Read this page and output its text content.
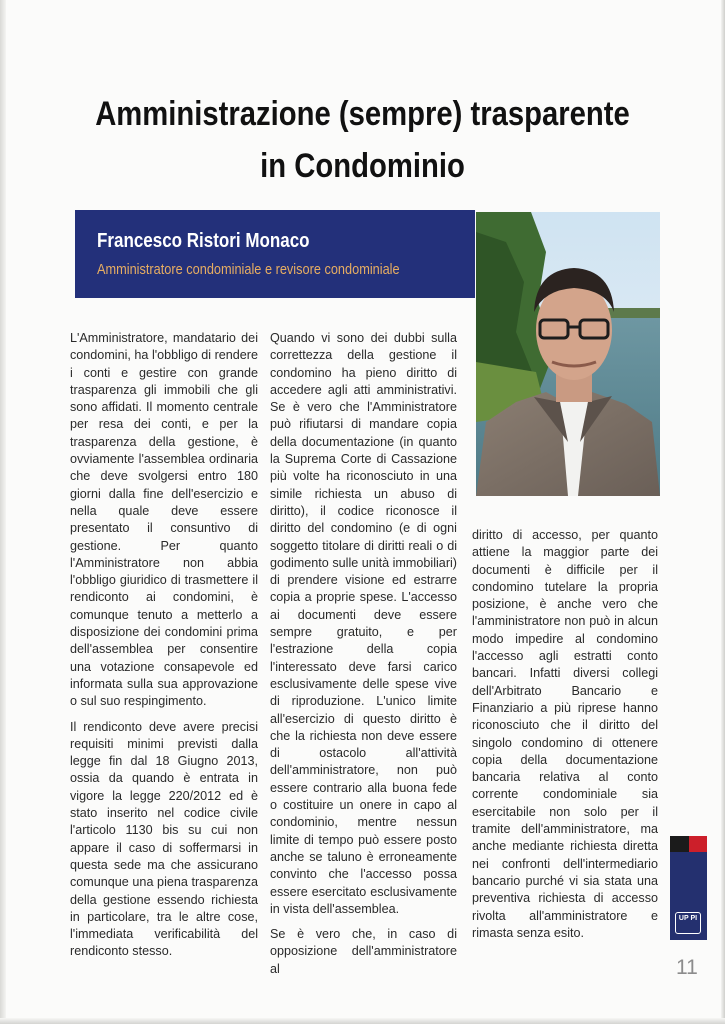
Amministrazione (sempre) trasparente
in Condominio
Francesco Ristori Monaco
Amministratore condominiale e revisore condominiale

L'Amministratore, mandatario dei condomini, ha l'obbligo di rendere i conti e gestire con grande trasparenza gli immobili che gli sono affidati. Il momento centrale per resa dei conti, e per la trasparenza della gestione, è ovviamente l'assemblea ordinaria che deve svolgersi entro 180 giorni dalla fine dell'esercizio e nella quale deve essere presentato il consuntivo di gestione. Per quanto l'Amministratore non abbia l'obbligo giuridico di trasmettere il rendiconto ai condomini, è comunque tenuto a metterlo a disposizione dei condomini prima dell'assemblea per consentire una votazione consapevole ed informata sulla sua approvazione o sul suo respingimento.

Il rendiconto deve avere precisi requisiti minimi previsti dalla legge fin dal 18 Giugno 2013, ossia da quando è entrata in vigore la legge 220/2012 ed è stato inserito nel codice civile l'articolo 1130 bis su cui non appare il caso di soffermarsi in questa sede ma che assicurano comunque una piena trasparenza della gestione essendo richiesta in particolare, tra le altre cose, l'immediata verificabilità del rendiconto stesso.

Quando vi sono dei dubbi sulla correttezza della gestione il condomino ha pieno diritto di accedere agli atti amministrativi. Se è vero che l'Amministratore può rifiutarsi di mandare copia della documentazione (in quanto la Suprema Corte di Cassazione più volte ha riconosciuto in una simile richiesta un abuso di diritto), il codice riconosce il diritto del condomino (e di ogni soggetto titolare di diritti reali o di godimento sulle unità immobiliari) di prendere visione ed estrarre copia a proprie spese. L'accesso ai documenti deve essere sempre gratuito, e per l'estrazione della copia l'interessato deve farsi carico esclusivamente delle spese vive di riproduzione. L'unico limite all'esercizio di questo diritto è che la richiesta non deve essere di ostacolo all'attività dell'amministratore, non può essere contrario alla buona fede o costituire un onere in capo al condominio, mentre nessun limite di tempo può essere posto anche se taluno è erroneamente convinto che l'accesso possa essere esercitato esclusivamente in vista dell'assemblea.

Se è vero che, in caso di opposizione dell'amministratore al

diritto di accesso, per quanto attiene la maggior parte dei documenti è difficile per il condomino tutelare la propria posizione, è anche vero che l'amministratore non può in alcun modo impedire al condomino l'accesso agli estratti conto bancari. Infatti diversi collegi dell'Arbitrato Bancario e Finanziario a più riprese hanno riconosciuto che il diritto del singolo condomino di ottenere copia della documentazione bancaria relativa al conto corrente condominiale sia esercitabile non solo per il tramite dell'amministratore, ma anche mediante richiesta diretta nei confronti dell'intermediario bancario purché vi sia stata una preventiva richiesta di accesso rivolta all'amministratore e rimasta senza esito.

UP PI
11
